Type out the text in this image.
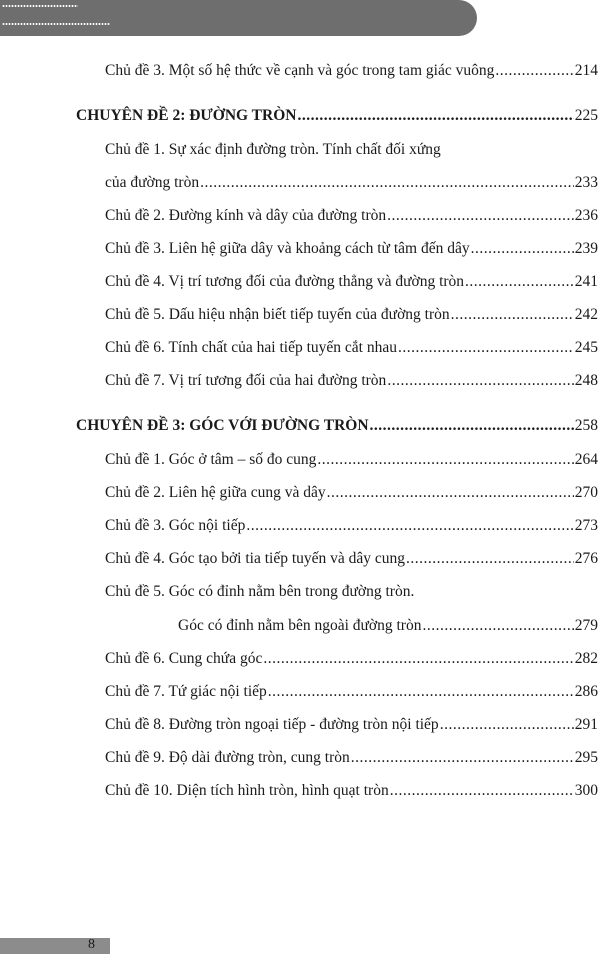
Chủ đề 3. Một số hệ thức về cạnh và góc trong tam giác vuông .....	214
CHUYÊN ĐỀ 2: ĐƯỜNG TRÒN .....	225
Chủ đề 1. Sự xác định đường tròn. Tính chất đối xứng
của đường tròn .....	233
Chủ đề 2. Đường kính và dây của đường tròn .....	236
Chủ đề 3. Liên hệ giữa dây và khoảng cách từ tâm đến dây .....	239
Chủ đề 4. Vị trí tương đối của đường thẳng và đường tròn .....	241
Chủ đề 5. Dấu hiệu nhận biết tiếp tuyến của đường tròn .....	242
Chủ đề 6. Tính chất của hai tiếp tuyến cắt nhau .....	245
Chủ đề 7. Vị trí tương đối của hai đường tròn .....	248
CHUYÊN ĐỀ 3: GÓC VỚI ĐƯỜNG TRÒN .....	258
Chủ đề 1. Góc ở tâm – số đo cung .....	264
Chủ đề 2. Liên hệ giữa cung và dây .....	270
Chủ đề 3. Góc nội tiếp .....	273
Chủ đề 4. Góc tạo bởi tia tiếp tuyến và dây cung .....	276
Chủ đề 5. Góc có đỉnh nằm bên trong đường tròn.
Góc có đỉnh nằm bên ngoài đường tròn .....	279
Chủ đề 6. Cung chứa góc .....	282
Chủ đề 7. Tứ giác nội tiếp .....	286
Chủ đề 8. Đường tròn ngoại tiếp - đường tròn nội tiếp .....	291
Chủ đề 9. Độ dài đường tròn, cung tròn .....	295
Chủ đề 10. Diện tích hình tròn, hình quạt tròn .....	300
8
